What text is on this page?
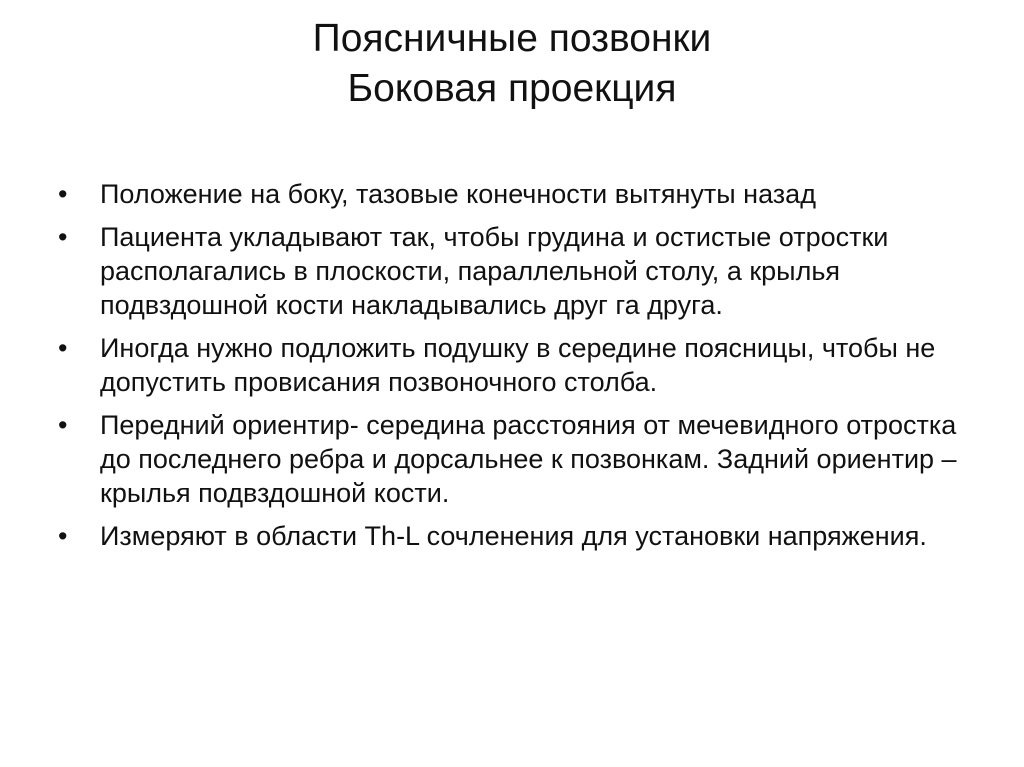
Поясничные позвонки
Боковая проекция
• Положение на боку, тазовые конечности вытянуты назад
• Пациента укладывают так, чтобы грудина и остистые отростки располагались в плоскости, параллельной столу, а крылья подвздошной кости накладывались друг га друга.
• Иногда нужно подложить подушку в середине поясницы, чтобы не допустить провисания позвоночного столба.
• Передний ориентир- середина расстояния от мечевидного отростка до последнего ребра и дорсальнее к позвонкам. Задний ориентир – крылья подвздошной кости.
• Измеряют в области Th-L сочленения для установки напряжения.
